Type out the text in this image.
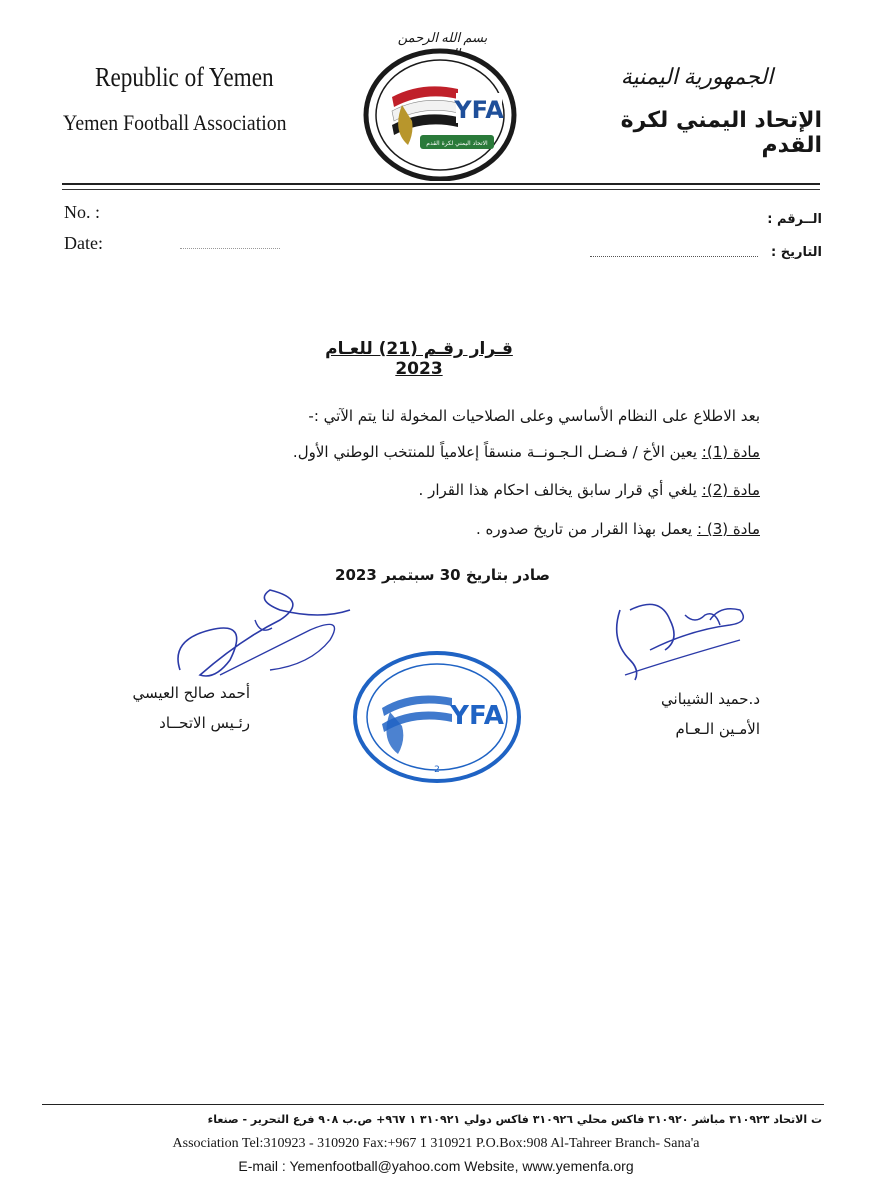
Republic of Yemen
Yemen Football Association
بسم الله الرحمن
الجمهورية اليمنية
الإتحاد اليمني لكرة القدم
YFA
الاتحاد اليمني لكرة القدم
No. :
Date:
الــرقم :
التاريخ :
قـرار رقـم (21) للعـام 2023
بعد الاطلاع على النظام الأساسي وعلى الصلاحيات المخولة لنا يتم الآتي :-
مادة (1): يعين الأخ / فـضـل الـجـونــة منسقاً إعلامياً للمنتخب الوطني الأول.
مادة (2): يلغي أي قرار سابق يخالف احكام هذا القرار .
مادة (3) : يعمل بهذا القرار من تاريخ صدوره .
صادر بتاريخ 30 سبتمبر 2023
YFA
2
أحمد صالح العيسي
رئـيس الاتحــاد
د.حميد الشيباني
الأمـين الـعـام
ت الاتحاد ٣١٠٩٢٣ مباشر ٣١٠٩٢٠ فاكس محلي ٣١٠٩٢٦ فاكس دولي ٣١٠٩٢١ ١ ٩٦٧+ ص.ب ٩٠٨ فرع التحرير - صنعاء
Association Tel:310923 - 310920 Fax:+967 1 310921 P.O.Box:908 Al-Tahreer Branch- Sana'a
E-mail : Yemenfootball@yahoo.com Website, www.yemenfa.org
